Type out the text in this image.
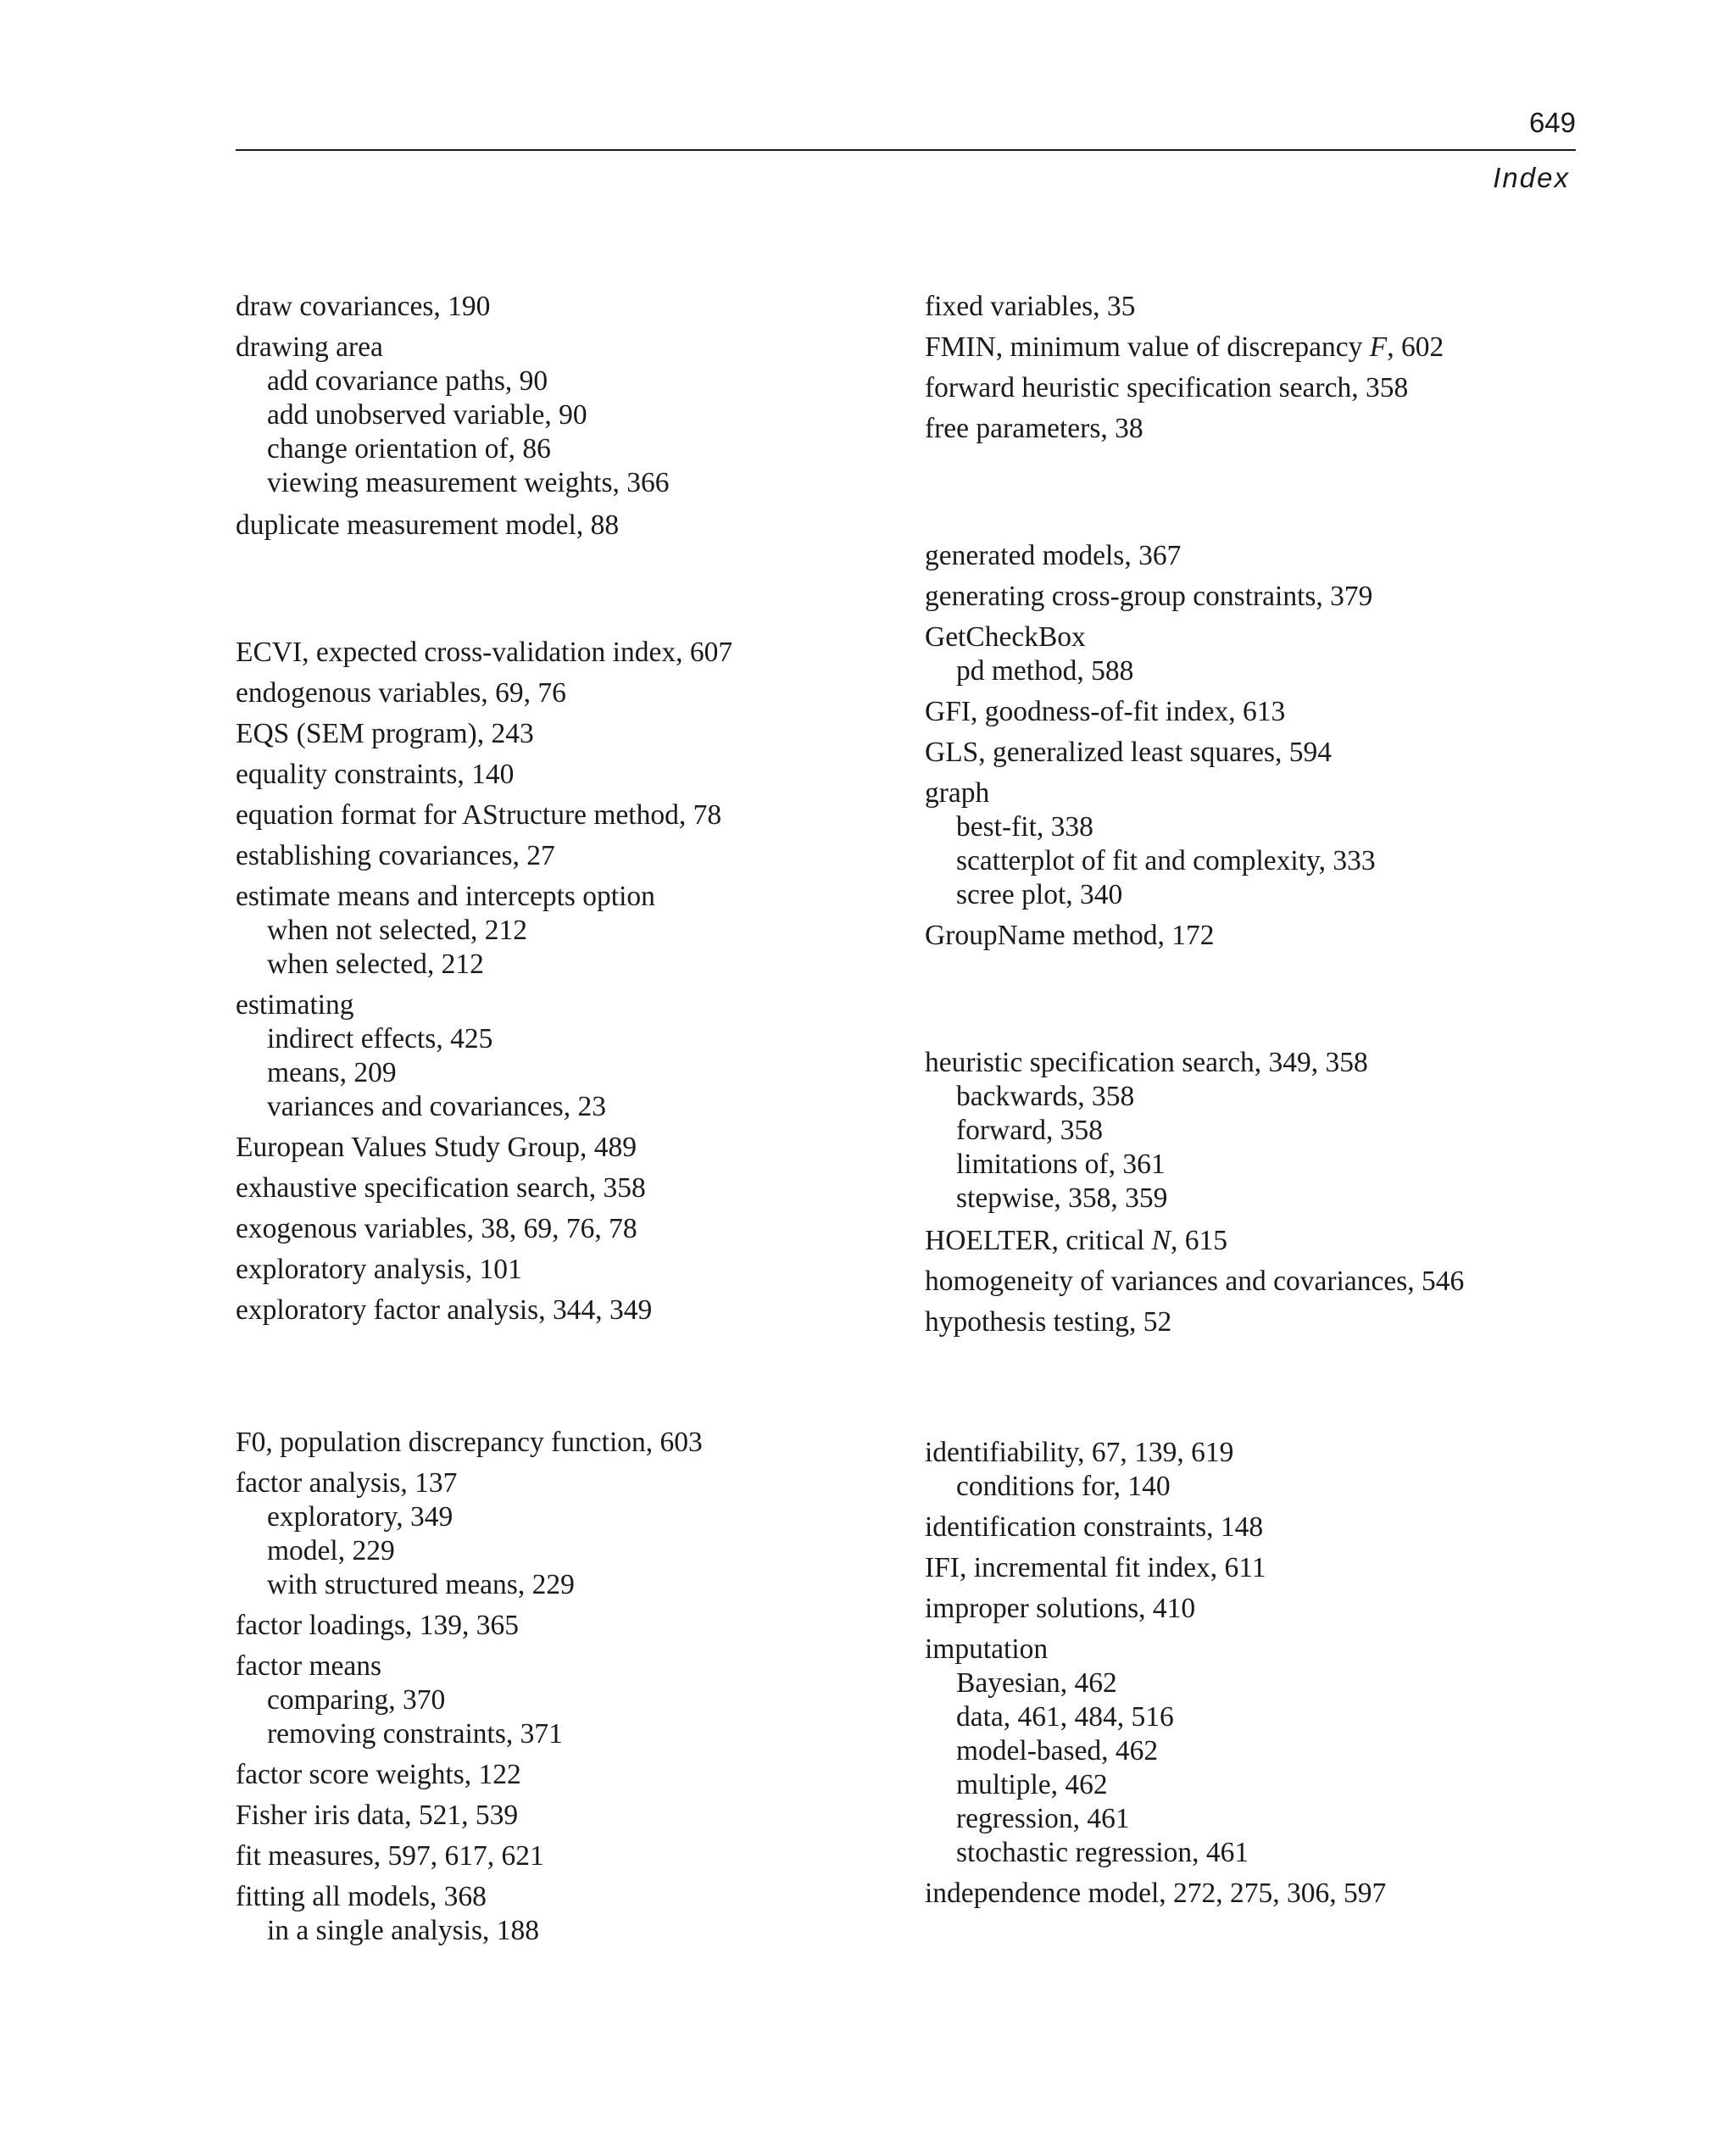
649
Index
draw covariances, 190
drawing area
add covariance paths, 90
add unobserved variable, 90
change orientation of, 86
viewing measurement weights, 366
duplicate measurement model, 88
ECVI, expected cross-validation index, 607
endogenous variables, 69, 76
EQS (SEM program), 243
equality constraints, 140
equation format for AStructure method, 78
establishing covariances, 27
estimate means and intercepts option
when not selected, 212
when selected, 212
estimating
indirect effects, 425
means, 209
variances and covariances, 23
European Values Study Group, 489
exhaustive specification search, 358
exogenous variables, 38, 69, 76, 78
exploratory analysis, 101
exploratory factor analysis, 344, 349
F0, population discrepancy function, 603
factor analysis, 137
exploratory, 349
model, 229
with structured means, 229
factor loadings, 139, 365
factor means
comparing, 370
removing constraints, 371
factor score weights, 122
Fisher iris data, 521, 539
fit measures, 597, 617, 621
fitting all models, 368
in a single analysis, 188
fixed variables, 35
FMIN, minimum value of discrepancy F, 602
forward heuristic specification search, 358
free parameters, 38
generated models, 367
generating cross-group constraints, 379
GetCheckBox
pd method, 588
GFI, goodness-of-fit index, 613
GLS, generalized least squares, 594
graph
best-fit, 338
scatterplot of fit and complexity, 333
scree plot, 340
GroupName method, 172
heuristic specification search, 349, 358
backwards, 358
forward, 358
limitations of, 361
stepwise, 358, 359
HOELTER, critical N, 615
homogeneity of variances and covariances, 546
hypothesis testing, 52
identifiability, 67, 139, 619
conditions for, 140
identification constraints, 148
IFI, incremental fit index, 611
improper solutions, 410
imputation
Bayesian, 462
data, 461, 484, 516
model-based, 462
multiple, 462
regression, 461
stochastic regression, 461
independence model, 272, 275, 306, 597
